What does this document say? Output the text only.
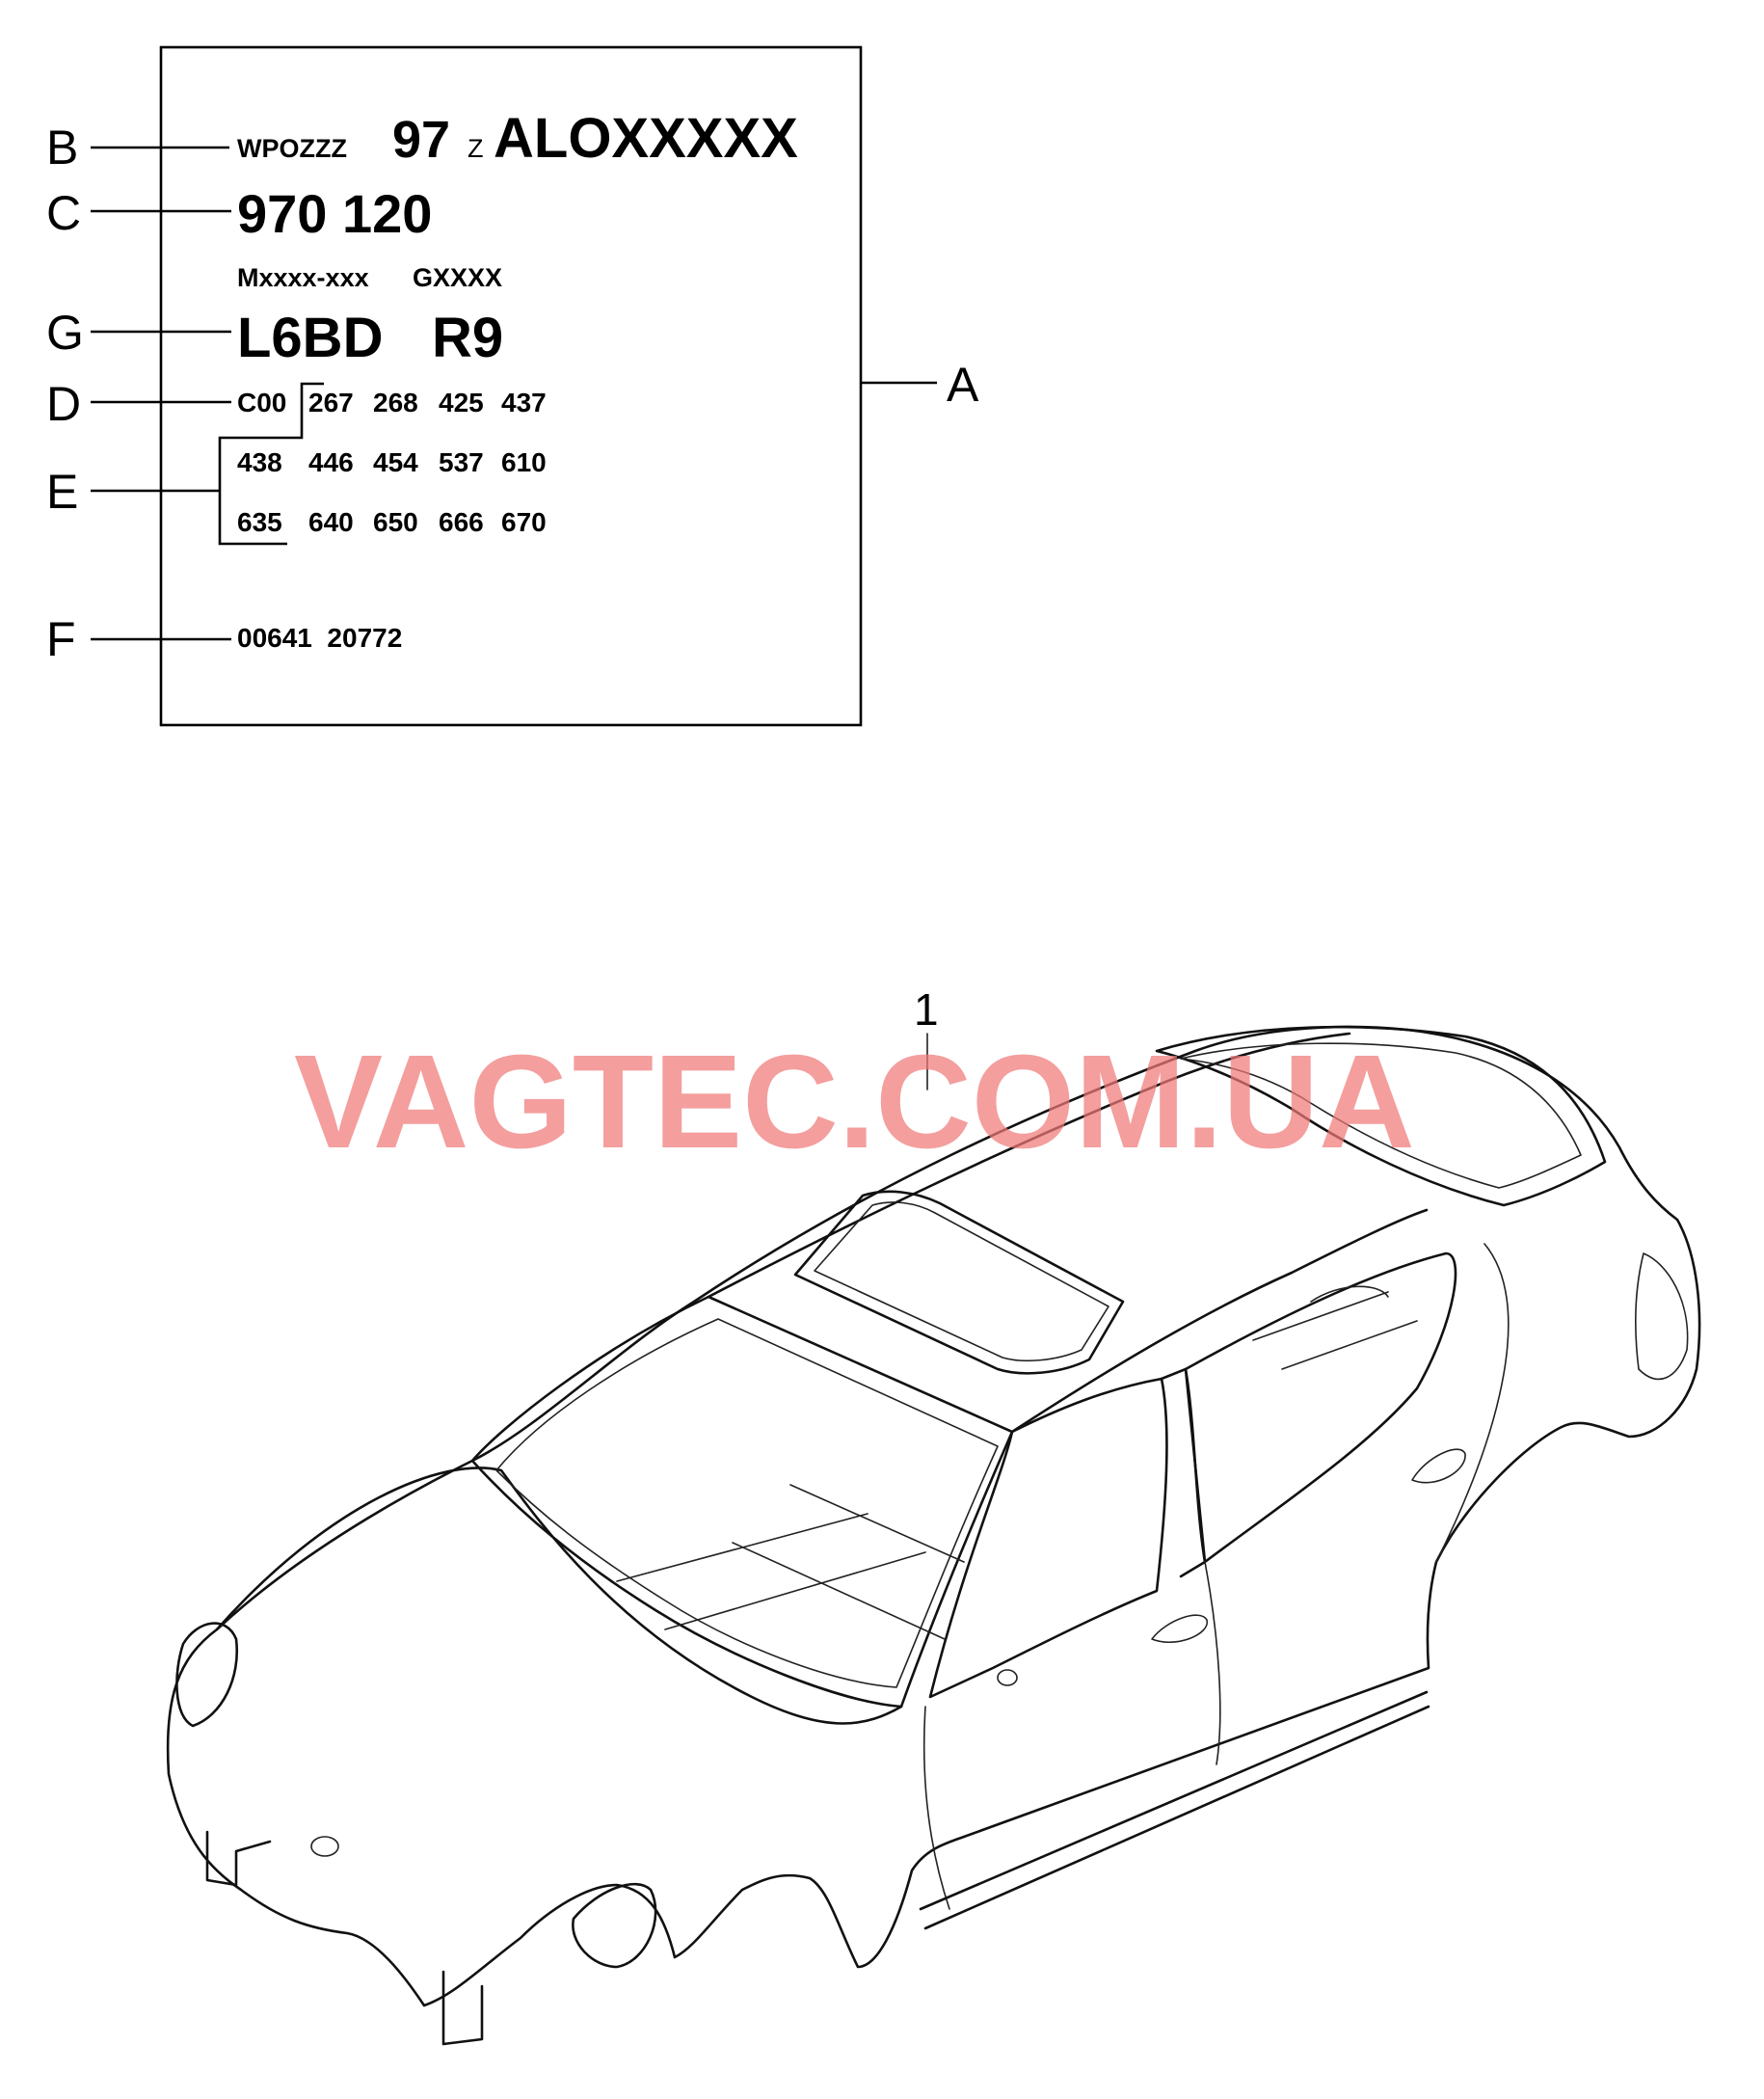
WPOZZZ 97 Z ALOXXXXX
970 120
Mxxxx-xxx GXXXX
L6BD R9
C00 267 268 425 437
438 446 454 537 610
635 640 650 666 670
00641  20772
B
C
G
D
E
F
A
1
VAGTEC.COM.UA
